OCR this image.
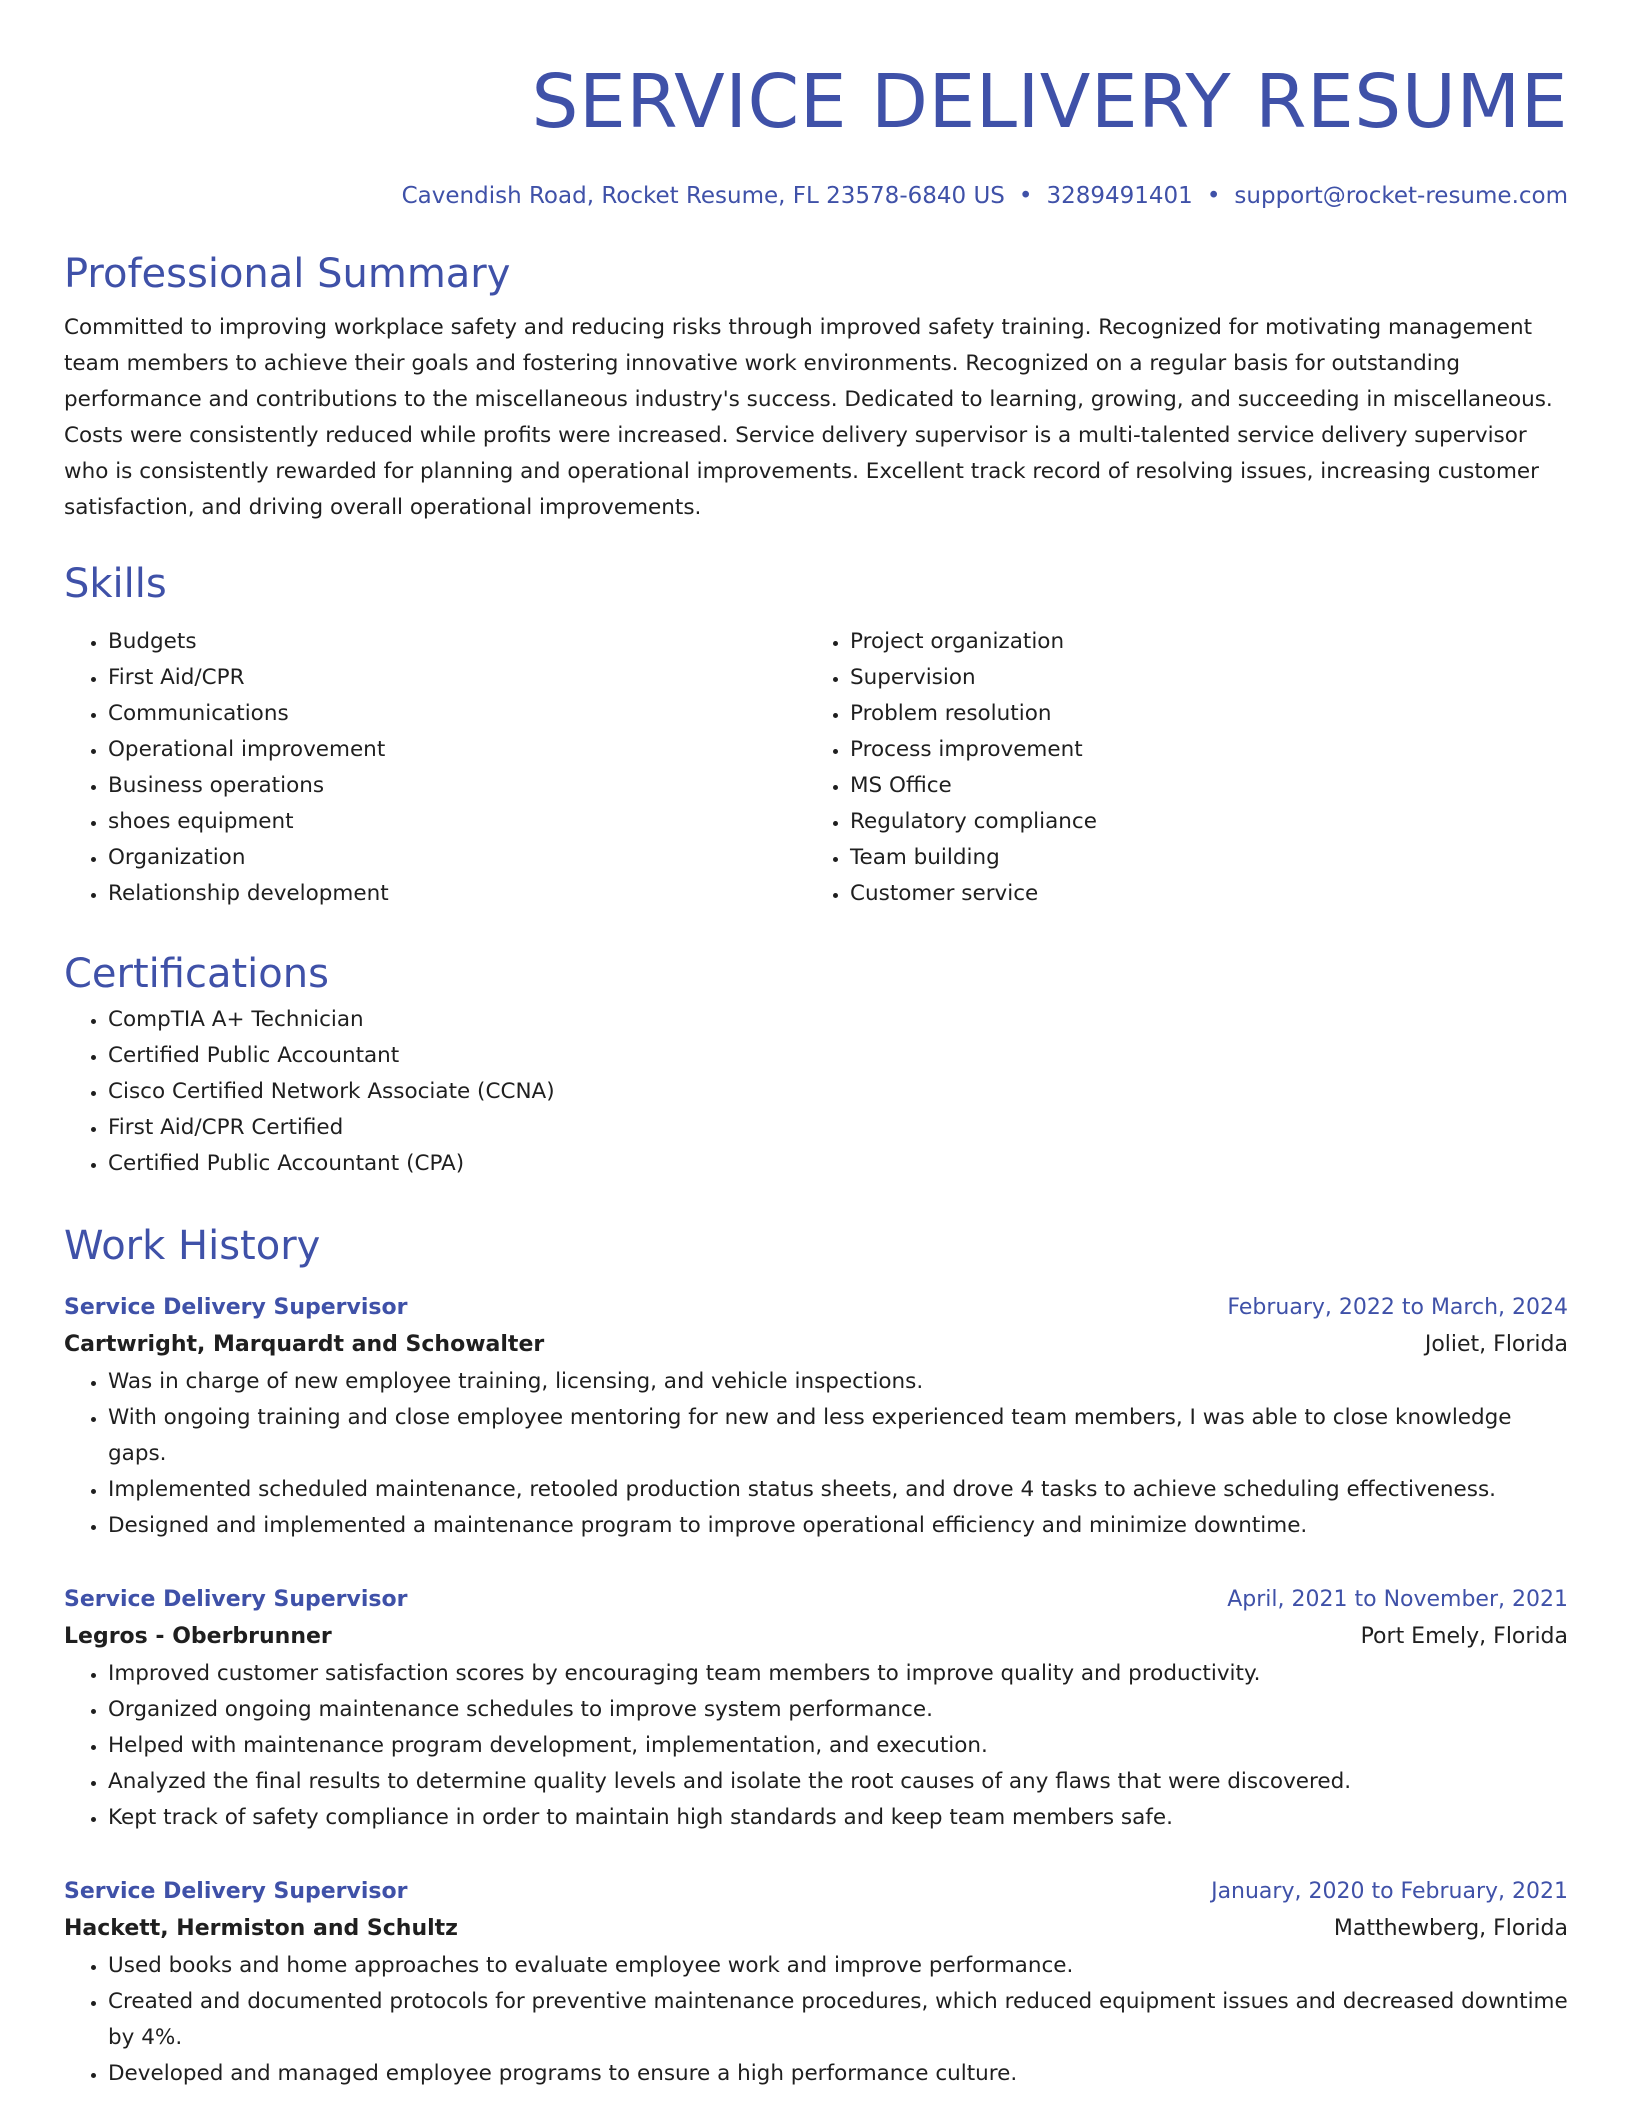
SERVICE DELIVERY RESUME
Cavendish Road, Rocket Resume, FL 23578-6840 US • 3289491401 • support@rocket-resume.com
Professional Summary

Committed to improving workplace safety and reducing risks through improved safety training. Recognized for motivating management team members to achieve their goals and fostering innovative work environments. Recognized on a regular basis for outstanding performance and contributions to the miscellaneous industry's success. Dedicated to learning, growing, and succeeding in miscellaneous. Costs were consistently reduced while profits were increased. Service delivery supervisor is a multi-talented service delivery supervisor who is consistently rewarded for planning and operational improvements. Excellent track record of resolving issues, increasing customer satisfaction, and driving overall operational improvements.

Skills
• Budgets
• First Aid/CPR
• Communications
• Operational improvement
• Business operations
• shoes equipment
• Organization
• Relationship development
• Project organization
• Supervision
• Problem resolution
• Process improvement
• MS Office
• Regulatory compliance
• Team building
• Customer service
Certifications
• CompTIA A+ Technician
• Certified Public Accountant
• Cisco Certified Network Associate (CCNA)
• First Aid/CPR Certified
• Certified Public Accountant (CPA)
Work History
Service Delivery Supervisor	February, 2022 to March, 2024
Cartwright, Marquardt and Schowalter	Joliet, Florida
• Was in charge of new employee training, licensing, and vehicle inspections.
• With ongoing training and close employee mentoring for new and less experienced team members, I was able to close knowledge gaps.
• Implemented scheduled maintenance, retooled production status sheets, and drove 4 tasks to achieve scheduling effectiveness.
• Designed and implemented a maintenance program to improve operational efficiency and minimize downtime.
Service Delivery Supervisor	April, 2021 to November, 2021
Legros - Oberbrunner	Port Emely, Florida
• Improved customer satisfaction scores by encouraging team members to improve quality and productivity.
• Organized ongoing maintenance schedules to improve system performance.
• Helped with maintenance program development, implementation, and execution.
• Analyzed the final results to determine quality levels and isolate the root causes of any flaws that were discovered.
• Kept track of safety compliance in order to maintain high standards and keep team members safe.
Service Delivery Supervisor	January, 2020 to February, 2021
Hackett, Hermiston and Schultz	Matthewberg, Florida
• Used books and home approaches to evaluate employee work and improve performance.
• Created and documented protocols for preventive maintenance procedures, which reduced equipment issues and decreased downtime by 4%.
• Developed and managed employee programs to ensure a high performance culture.
